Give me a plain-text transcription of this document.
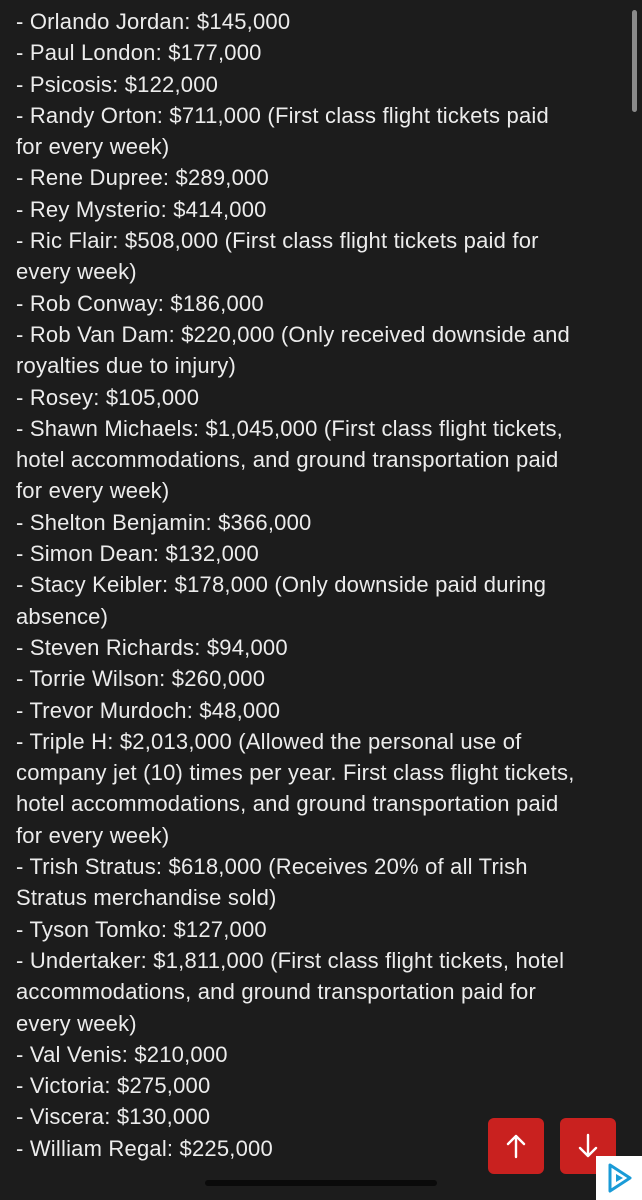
- Orlando Jordan: $145,000
- Paul London: $177,000
- Psicosis: $122,000
- Randy Orton: $711,000 (First class flight tickets paid
for every week)
- Rene Dupree: $289,000
- Rey Mysterio: $414,000
- Ric Flair: $508,000 (First class flight tickets paid for
every week)
- Rob Conway: $186,000
- Rob Van Dam: $220,000 (Only received downside and
royalties due to injury)
- Rosey: $105,000
- Shawn Michaels: $1,045,000 (First class flight tickets,
hotel accommodations, and ground transportation paid
for every week)
- Shelton Benjamin: $366,000
- Simon Dean: $132,000
- Stacy Keibler: $178,000 (Only downside paid during
absence)
- Steven Richards: $94,000
- Torrie Wilson: $260,000
- Trevor Murdoch: $48,000
- Triple H: $2,013,000 (Allowed the personal use of
company jet (10) times per year. First class flight tickets,
hotel accommodations, and ground transportation paid
for every week)
- Trish Stratus: $618,000 (Receives 20% of all Trish
Stratus merchandise sold)
- Tyson Tomko: $127,000
- Undertaker: $1,811,000 (First class flight tickets, hotel
accommodations, and ground transportation paid for
every week)
- Val Venis: $210,000
- Victoria: $275,000
- Viscera: $130,000
- William Regal: $225,000
